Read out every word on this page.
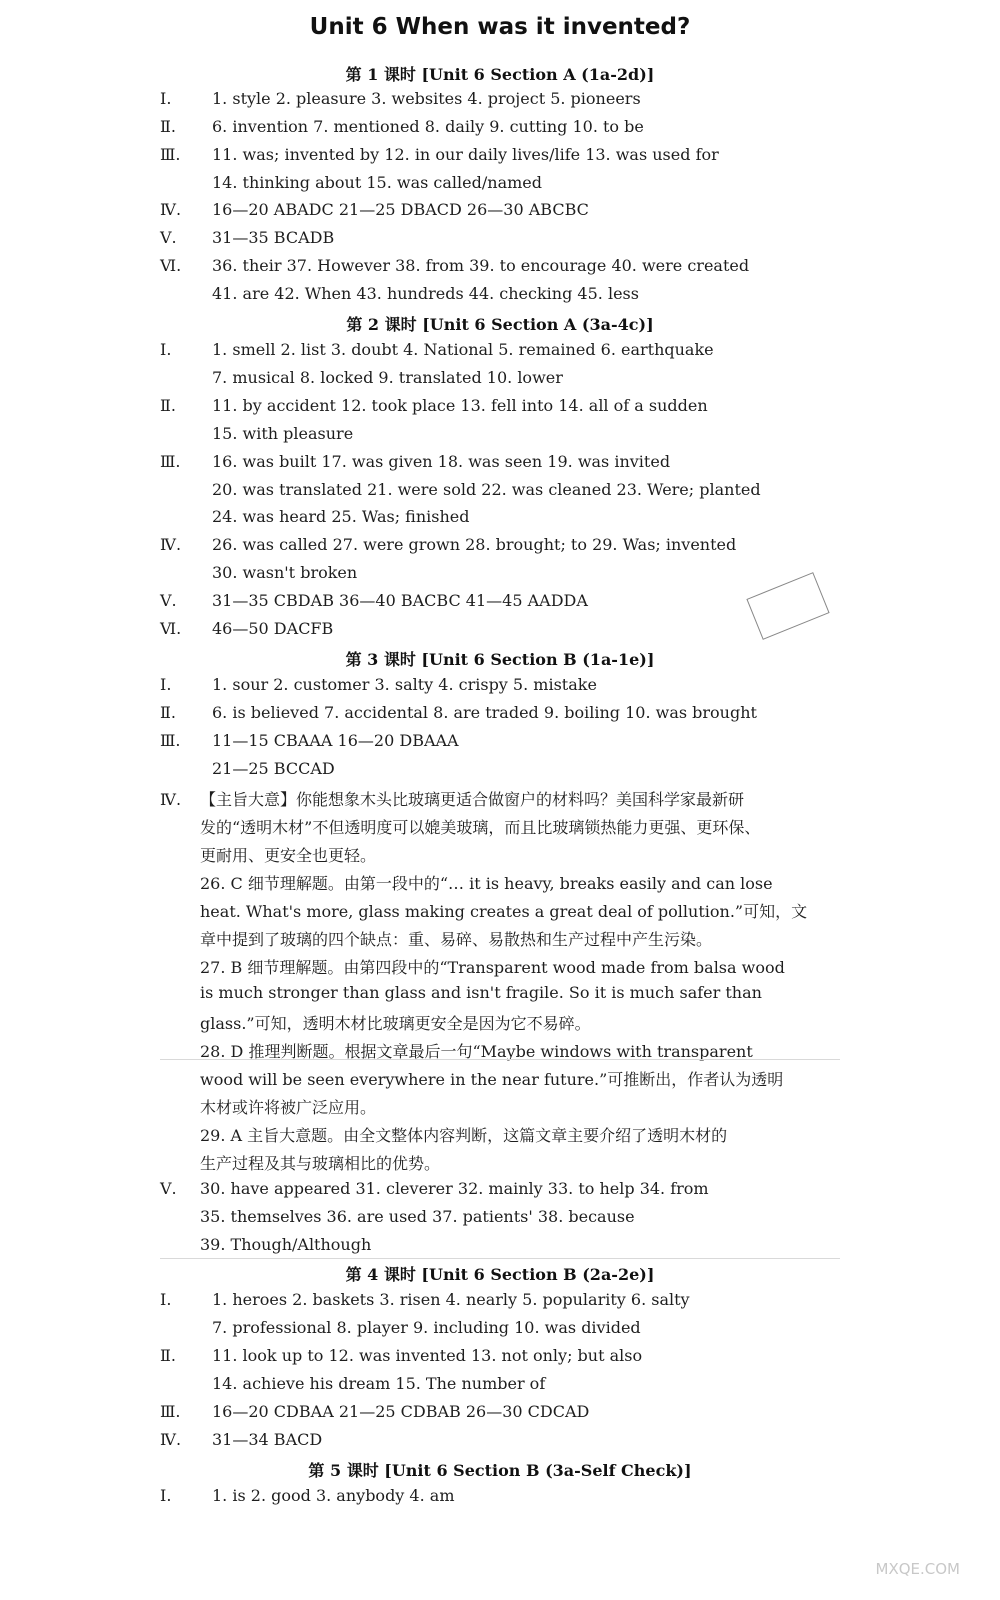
Unit 6 When was it invented?
第 1 课时 [Unit 6 Section A (1a-2d)]
Ⅰ.	1. style 2. pleasure 3. websites 4. project 5. pioneers
Ⅱ. 6. invention 7. mentioned 8. daily 9. cutting 10. to be
Ⅲ. 11. was; invented by 12. in our daily lives/life 13. was used for
14. thinking about 15. was called/named
Ⅳ. 16—20 ABADC 21—25 DBACD 26—30 ABCBC
Ⅴ. 31—35 BCADB
Ⅵ. 36. their 37. However 38. from 39. to encourage 40. were created
41. are 42. When 43. hundreds 44. checking 45. less
第 2 课时 [Unit 6 Section A (3a-4c)]
Ⅰ.	1. smell 2. list 3. doubt 4. National 5. remained 6. earthquake
7. musical 8. locked 9. translated 10. lower
Ⅱ. 11. by accident 12. took place 13. fell into 14. all of a sudden
15. with pleasure
Ⅲ. 16. was built 17. was given 18. was seen 19. was invited
20. was translated 21. were sold 22. was cleaned 23. Were; planted
24. was heard 25. Was; finished
Ⅳ. 26. was called 27. were grown 28. brought; to 29. Was; invented
30. wasn't broken
Ⅴ. 31—35 CBDAB 36—40 BACBC 41—45 AADDA
Ⅵ. 46—50 DACFB
第 3 课时 [Unit 6 Section B (1a-1e)]
Ⅰ.	1. sour 2. customer 3. salty 4. crispy 5. mistake
Ⅱ. 6. is believed 7. accidental 8. are traded 9. boiling 10. was brought
Ⅲ. 11—15 CBAAA 16—20 DBAAA
21—25 BCCAD
Ⅳ. 【主旨大意】你能想象木头比玻璃更适合做窗户的材料吗？美国科学家最新研
发的“透明木材”不但透明度可以媲美玻璃，而且比玻璃锁热能力更强、更环保、
更耐用、更安全也更轻。
26. C 细节理解题。由第一段中的“… it is heavy, breaks easily and can lose
heat. What's more, glass making creates a great deal of pollution.”可知，文
章中提到了玻璃的四个缺点：重、易碎、易散热和生产过程中产生污染。
27. B 细节理解题。由第四段中的“Transparent wood made from balsa wood
is much stronger than glass and isn't fragile. So it is much safer than
glass.”可知，透明木材比玻璃更安全是因为它不易碎。
28. D 推理判断题。根据文章最后一句“Maybe windows with transparent
wood will be seen everywhere in the near future.”可推断出，作者认为透明
木材或许将被广泛应用。
29. A 主旨大意题。由全文整体内容判断，这篇文章主要介绍了透明木材的
生产过程及其与玻璃相比的优势。
Ⅴ. 30. have appeared 31. cleverer 32. mainly 33. to help 34. from
35. themselves 36. are used 37. patients' 38. because
39. Though/Although
第 4 课时 [Unit 6 Section B (2a-2e)]
Ⅰ.	1. heroes 2. baskets 3. risen 4. nearly 5. popularity 6. salty
7. professional 8. player 9. including 10. was divided
Ⅱ. 11. look up to 12. was invented 13. not only; but also
14. achieve his dream 15. The number of
Ⅲ. 16—20 CDBAA 21—25 CDBAB 26—30 CDCAD
Ⅳ. 31—34 BACD
第 5 课时 [Unit 6 Section B (3a-Self Check)]
Ⅰ.	1. is 2. good 3. anybody 4. am
MXQE.COM
